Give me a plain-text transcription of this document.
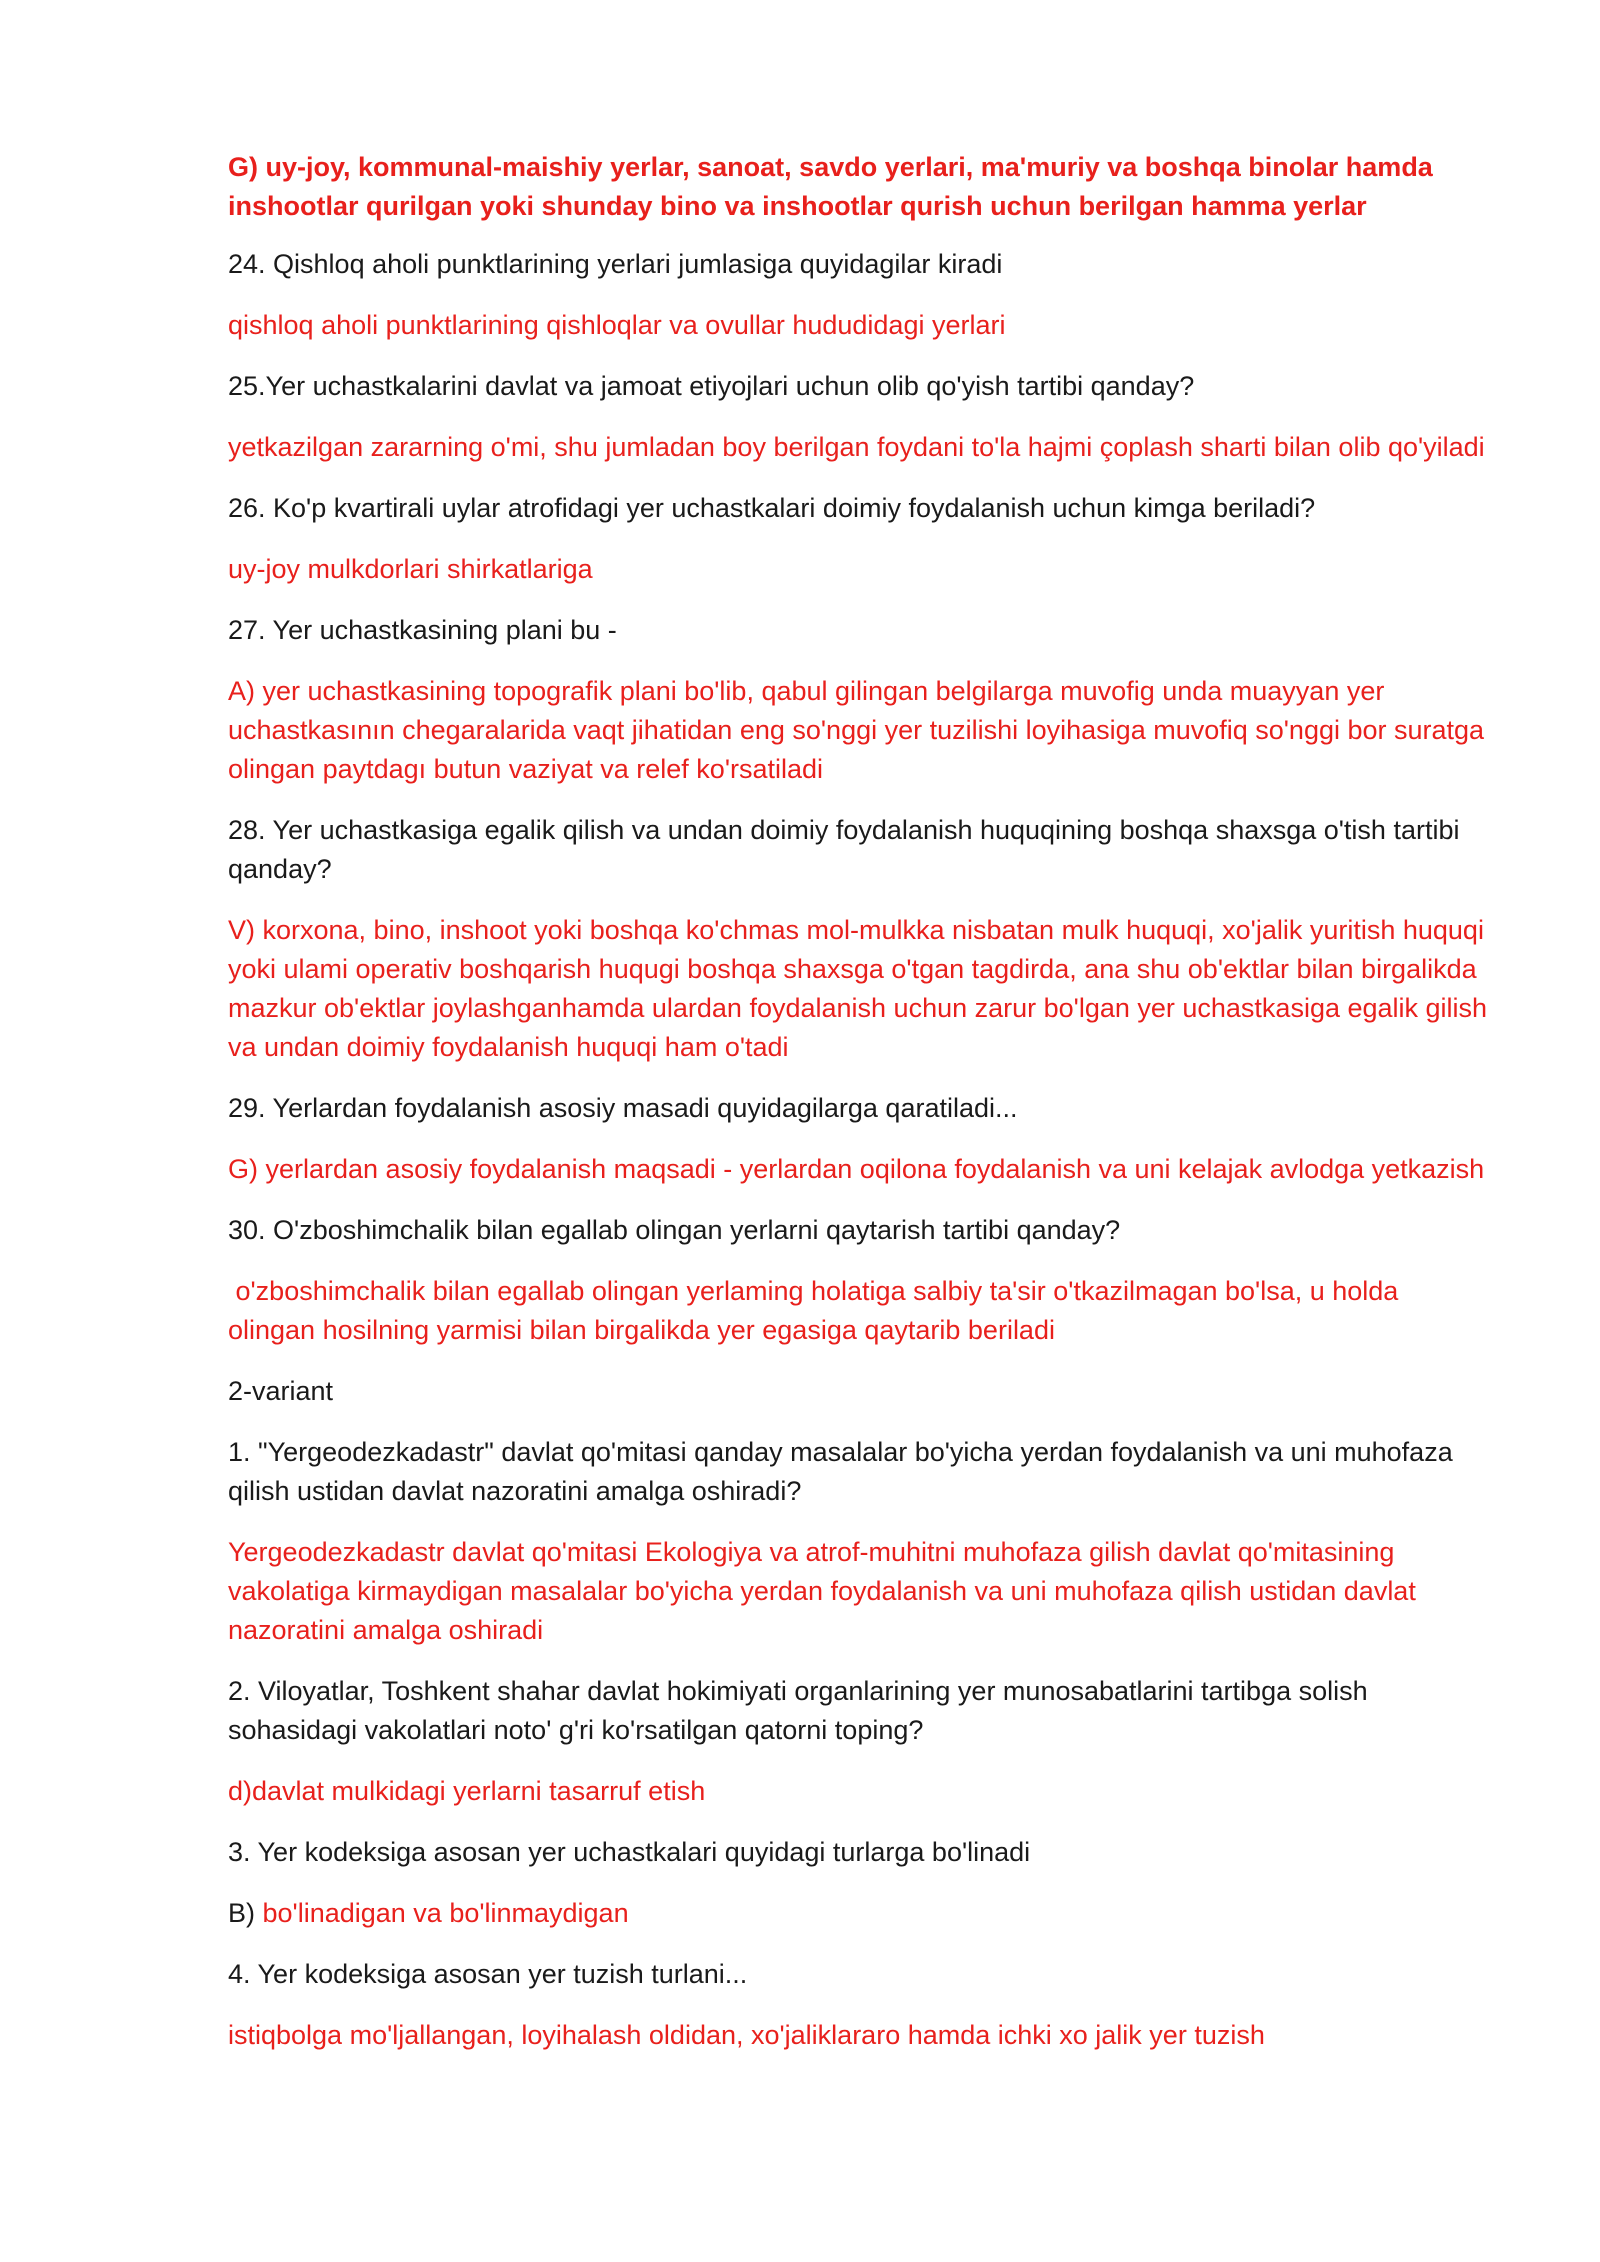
G) uy-joy, kommunal-maishiy yerlar, sanoat, savdo yerlari, ma'muriy va boshqa binolar hamda inshootlar qurilgan yoki shunday bino va inshootlar qurish uchun berilgan hamma yerlar

24. Qishloq aholi punktlarining yerlari jumlasiga quyidagilar kiradi

qishloq aholi punktlarining qishloqlar va ovullar hududidagi yerlari

25.Yer uchastkalarini davlat va jamoat etiyojlari uchun olib qo'yish tartibi qanday?

yetkazilgan zararning o'mi, shu jumladan boy berilgan foydani to'la hajmi çoplash sharti bilan olib qo'yiladi

26. Ko'p kvartirali uylar atrofidagi yer uchastkalari doimiy foydalanish uchun kimga beriladi?

uy-joy mulkdorlari shirkatlariga

27. Yer uchastkasining plani bu -

A) yer uchastkasining topografik plani bo'lib, qabul gilingan belgilarga muvofig unda muayyan yer uchastkasının chegaralarida vaqt jihatidan eng so'nggi yer tuzilishi loyihasiga muvofiq so'nggi bor suratga olingan paytdagı butun vaziyat va relef ko'rsatiladi

28. Yer uchastkasiga egalik qilish va undan doimiy foydalanish huquqining boshqa shaxsga o'tish tartibi qanday?

V) korxona, bino, inshoot yoki boshqa ko'chmas mol-mulkka nisbatan mulk huquqi, xo'jalik yuritish huquqi yoki ulami operativ boshqarish huqugi boshqa shaxsga o'tgan tagdirda, ana shu ob'ektlar bilan birgalikda mazkur ob'ektlar joylashganhamda ulardan foydalanish uchun zarur bo'lgan yer uchastkasiga egalik gilish va undan doimiy foydalanish huquqi ham o'tadi

29. Yerlardan foydalanish asosiy masadi quyidagilarga qaratiladi...

G) yerlardan asosiy foydalanish maqsadi - yerlardan oqilona foydalanish va uni kelajak avlodga yetkazish

30. O'zboshimchalik bilan egallab olingan yerlarni qaytarish tartibi qanday?

o'zboshimchalik bilan egallab olingan yerlaming holatiga salbiy ta'sir o'tkazilmagan bo'lsa, u holda olingan hosilning yarmisi bilan birgalikda yer egasiga qaytarib beriladi

2-variant

1. "Yergeodezkadastr" davlat qo'mitasi qanday masalalar bo'yicha yerdan foydalanish va uni muhofaza qilish ustidan davlat nazoratini amalga oshiradi?

Yergeodezkadastr davlat qo'mitasi Ekologiya va atrof-muhitni muhofaza gilish davlat qo'mitasining vakolatiga kirmaydigan masalalar bo'yicha yerdan foydalanish va uni muhofaza qilish ustidan davlat nazoratini amalga oshiradi

2. Viloyatlar, Toshkent shahar davlat hokimiyati organlarining yer munosabatlarini tartibga solish sohasidagi vakolatlari noto' g'ri ko'rsatilgan qatorni toping?

d)davlat mulkidagi yerlarni tasarruf etish

3. Yer kodeksiga asosan yer uchastkalari quyidagi turlarga bo'linadi

B) bo'linadigan va bo'linmaydigan

4. Yer kodeksiga asosan yer tuzish turlani...

istiqbolga mo'ljallangan, loyihalash oldidan, xo'jaliklararo hamda ichki xo jalik yer tuzish
